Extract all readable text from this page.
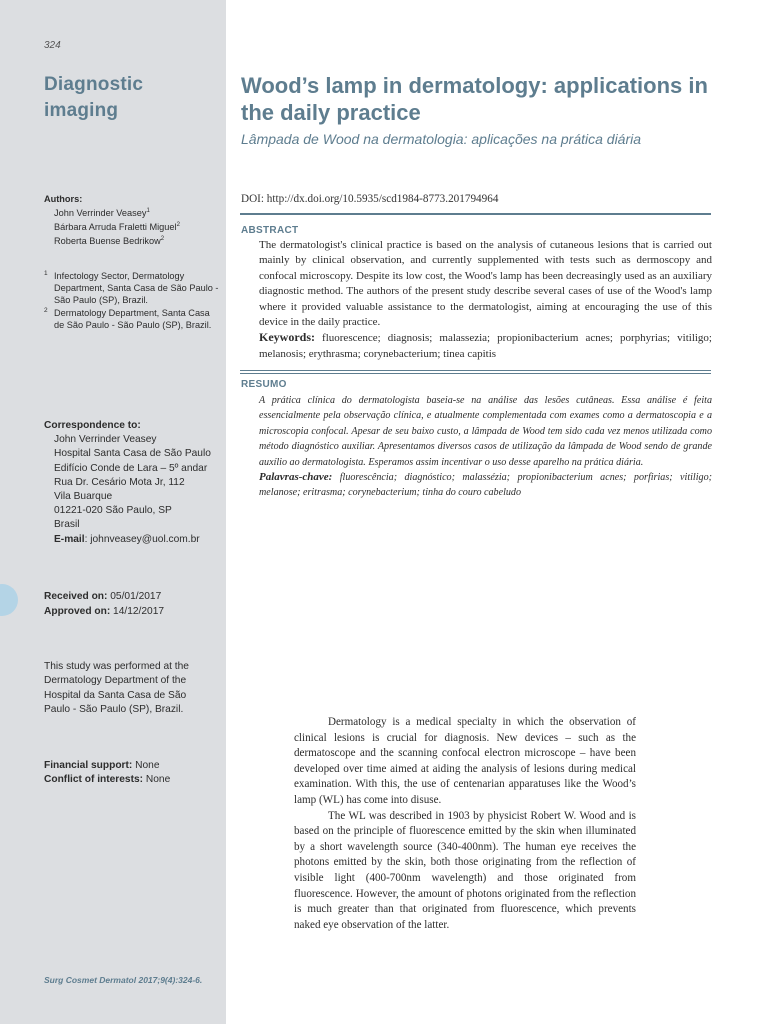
324
Diagnostic imaging
Authors:
John Verrinder Veasey$^1$
Bárbara Arruda Fraletti Miguel$^2$
Roberta Buense Bedrikow$^2$
1 Infectology Sector, Dermatology Department, Santa Casa de São Paulo - São Paulo (SP), Brazil.
2 Dermatology Department, Santa Casa de São Paulo - São Paulo (SP), Brazil.
Correspondence to:
John Verrinder Veasey
Hospital Santa Casa de São Paulo
Edifício Conde de Lara – 5º andar
Rua Dr. Cesário Mota Jr, 112
Vila Buarque
01221-020 São Paulo, SP
Brasil
E-mail: johnveasey@uol.com.br
Received on: 05/01/2017
Approved on: 14/12/2017
This study was performed at the Dermatology Department of the Hospital da Santa Casa de São Paulo - São Paulo (SP), Brazil.
Financial support: None
Conflict of interests: None
Surg Cosmet Dermatol 2017;9(4):324-6.
Wood’s lamp in dermatology: applications in the daily practice
Lâmpada de Wood na dermatologia: aplicações na prática diária
DOI: http://dx.doi.org/10.5935/scd1984-8773.201794964
ABSTRACT
The dermatologist's clinical practice is based on the analysis of cutaneous lesions that is carried out mainly by clinical observation, and currently supplemented with tests such as dermoscopy and confocal microscopy. Despite its low cost, the Wood's lamp has been decreasingly used as an auxiliary diagnostic method. The authors of the present study describe several cases of use of the Wood's lamp where it provided valuable assistance to the dermatologist, aiming at encouraging the use of this device in the daily practice.
Keywords: fluorescence; diagnosis; malassezia; propionibacterium acnes; porphyrias; vitiligo; melanosis; erythrasma; corynebacterium; tinea capitis
RESUMO
A prática clínica do dermatologista baseia-se na análise das lesões cutâneas. Essa análise é feita essencialmente pela observação clínica, e atualmente complementada com exames como a dermatoscopia e a microscopia confocal. Apesar de seu baixo custo, a lâmpada de Wood tem sido cada vez menos utilizada como método diagnóstico auxiliar. Apresentamos diversos casos de utilização da lâmpada de Wood sendo de grande auxílio ao dermatologista. Esperamos assim incentivar o uso desse aparelho na prática diária.
Palavras-chave: fluorescência; diagnóstico; malassézia; propionibacterium acnes; porfirias; vitiligo; melanose; eritrasma; corynebacterium; tinha do couro cabeludo

Dermatology is a medical specialty in which the observation of clinical lesions is crucial for diagnosis. New devices – such as the dermatoscope and the scanning confocal electron microscope – have been developed over time aimed at aiding the analysis of lesions during medical examination. With this, the use of centenarian apparatuses like the Wood’s lamp (WL) has come into disuse.

The WL was described in 1903 by physicist Robert W. Wood and is based on the principle of fluorescence emitted by the skin when illuminated by a short wavelength source (340-400nm). The human eye receives the photons emitted by the skin, both those originating from the reflection of visible light (400-700nm wavelength) and those originated from fluorescence. However, the amount of photons originated from the reflection is much greater than that originated from fluorescence, which prevents naked eye observation of the latter.
